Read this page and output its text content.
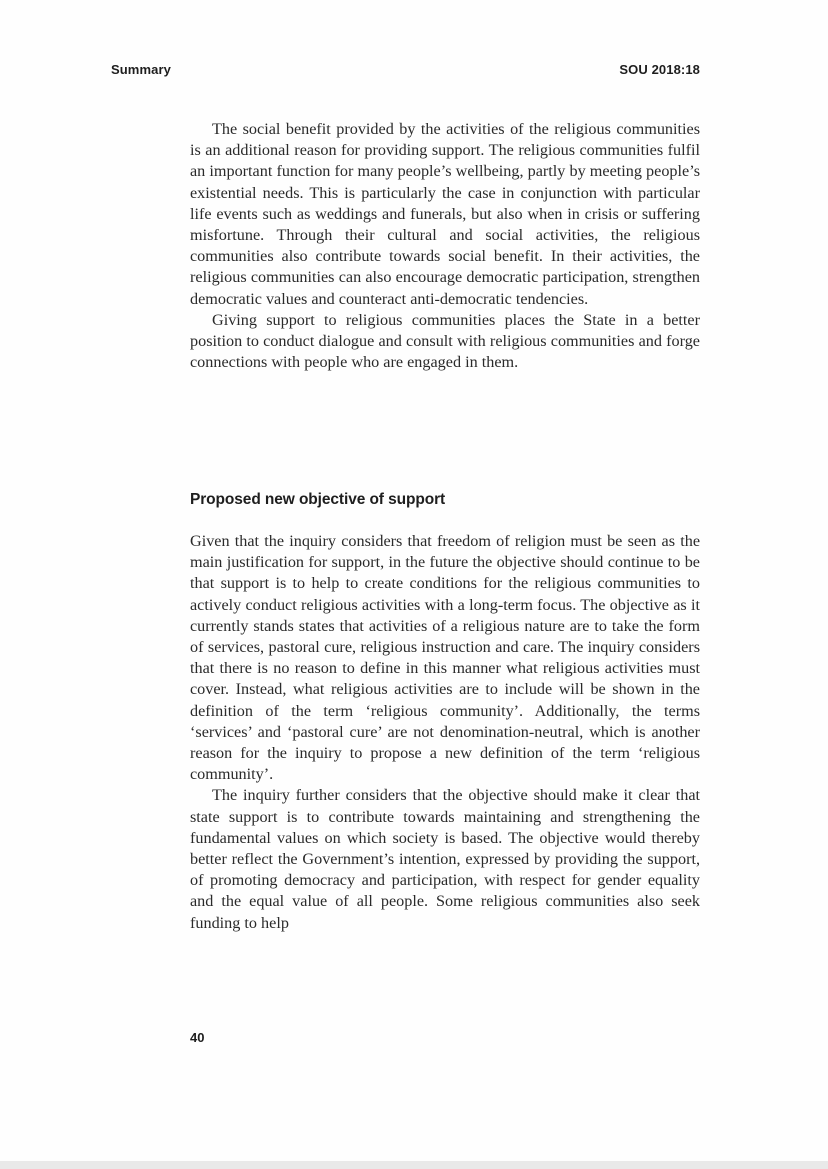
Summary	SOU 2018:18

The social benefit provided by the activities of the religious communities is an additional reason for providing support. The religious communities fulfil an important function for many people’s wellbeing, partly by meeting people’s existential needs. This is particularly the case in conjunction with particular life events such as weddings and funerals, but also when in crisis or suffering misfortune. Through their cultural and social activities, the religious communities also contribute towards social benefit. In their activities, the religious communities can also encourage democratic participation, strengthen democratic values and counteract anti-democratic tendencies.

Giving support to religious communities places the State in a better position to conduct dialogue and consult with religious communities and forge connections with people who are engaged in them.

Proposed new objective of support

Given that the inquiry considers that freedom of religion must be seen as the main justification for support, in the future the objective should continue to be that support is to help to create conditions for the religious communities to actively conduct religious activities with a long-term focus. The objective as it currently stands states that activities of a religious nature are to take the form of services, pastoral cure, religious instruction and care. The inquiry considers that there is no reason to define in this manner what religious activities must cover. Instead, what religious activities are to include will be shown in the definition of the term ‘religious community’. Additionally, the terms ‘services’ and ‘pastoral cure’ are not denomination-neutral, which is another reason for the inquiry to propose a new definition of the term ‘religious community’.

The inquiry further considers that the objective should make it clear that state support is to contribute towards maintaining and strengthening the fundamental values on which society is based. The objective would thereby better reflect the Government’s intention, expressed by providing the support, of promoting democracy and participation, with respect for gender equality and the equal value of all people. Some religious communities also seek funding to help

40
